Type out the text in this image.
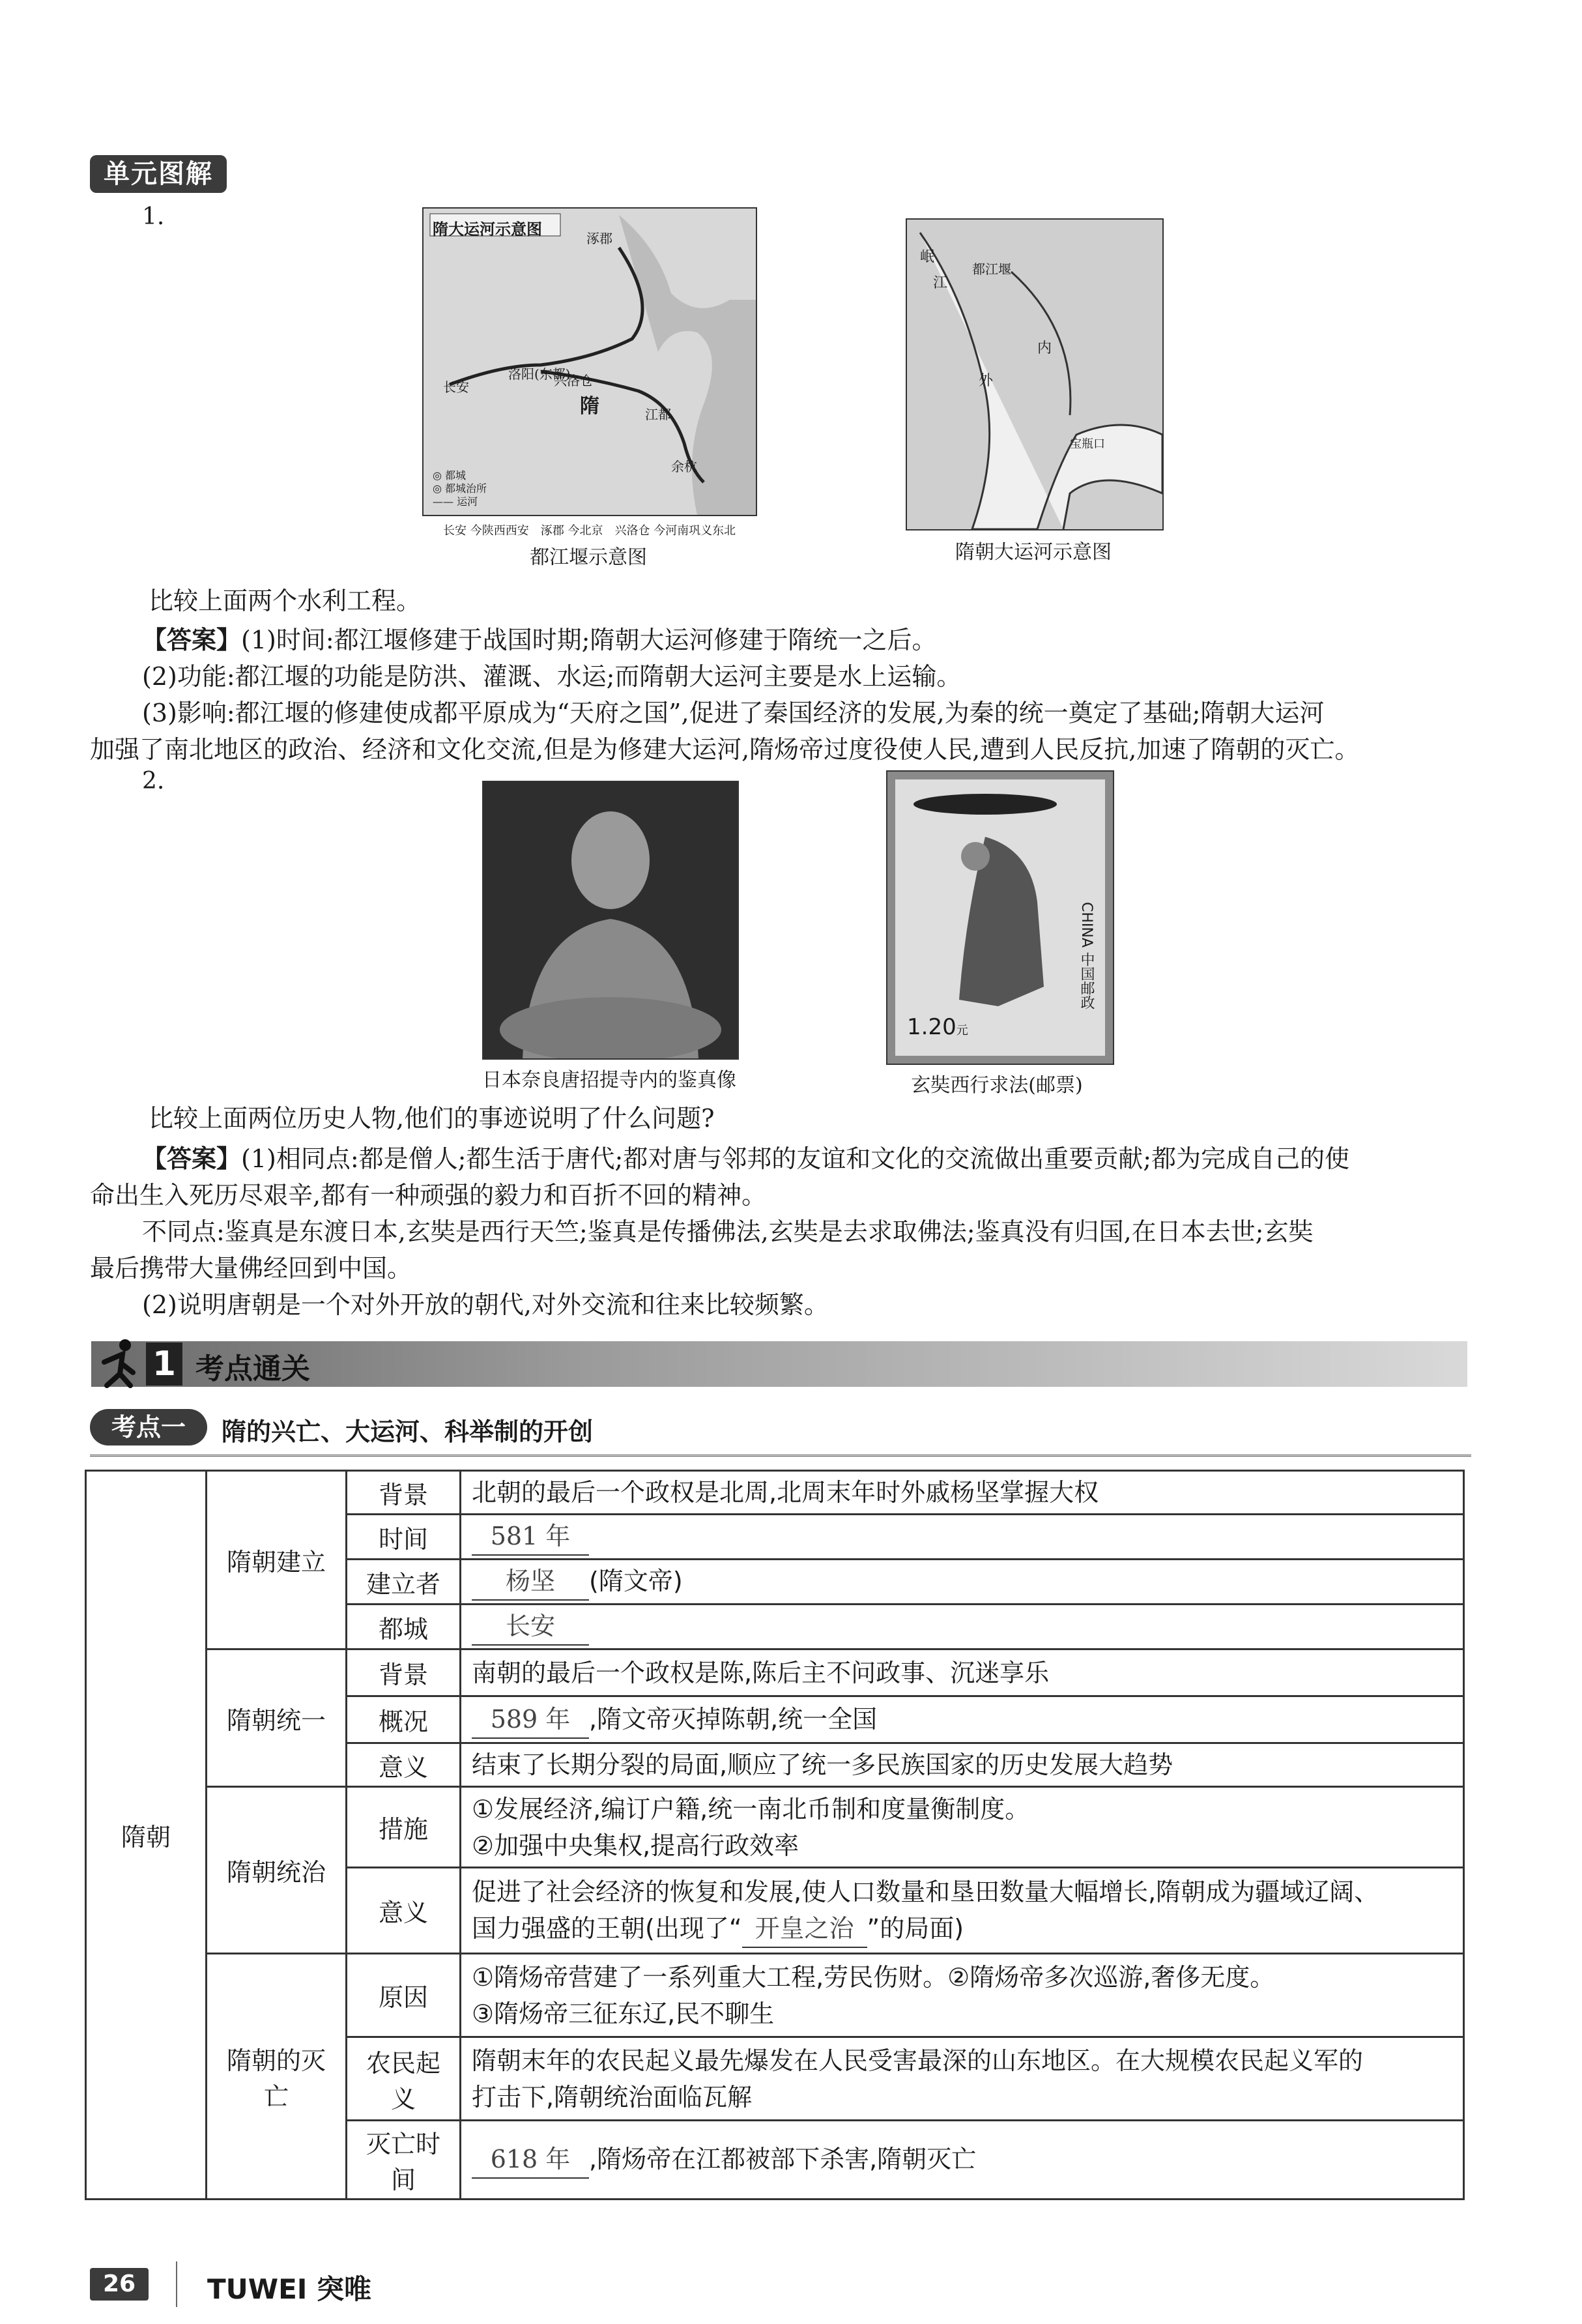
单元图解
1.	隋大运河示意图
长安
洛阳(东都)
涿郡
江都
余杭
兴洛仓
隋
◎ 都城
◎ 都城治所
—— 运河
长安 今陕西西安　涿郡 今北京　兴洛仓 今河南巩义东北
都江堰示意图
岷
江
都江堰
外
内
宝瓶口
隋朝大运河示意图
比较上面两个水利工程。
【答案】(1)时间:都江堰修建于战国时期;隋朝大运河修建于隋统一之后。
(2)功能:都江堰的功能是防洪、灌溉、水运;而隋朝大运河主要是水上运输。
(3)影响:都江堰的修建使成都平原成为“天府之国”,促进了秦国经济的发展,为秦的统一奠定了基础;隋朝大运河
加强了南北地区的政治、经济和文化交流,但是为修建大运河,隋炀帝过度役使人民,遭到人民反抗,加速了隋朝的灭亡。
2.
日本奈良唐招提寺内的鉴真像
1.20元
CHINA 中国邮政
玄奘西行求法(邮票)
比较上面两位历史人物,他们的事迹说明了什么问题?
【答案】(1)相同点:都是僧人;都生活于唐代;都对唐与邻邦的友谊和文化的交流做出重要贡献;都为完成自己的使
命出生入死历尽艰辛,都有一种顽强的毅力和百折不回的精神。
不同点:鉴真是东渡日本,玄奘是西行天竺;鉴真是传播佛法,玄奘是去求取佛法;鉴真没有归国,在日本去世;玄奘
最后携带大量佛经回到中国。
(2)说明唐朝是一个对外开放的朝代,对外交流和往来比较频繁。
1 考点通关
考点一	隋的兴亡、大运河、科举制的开创
隋朝	隋朝建立	背景	北朝的最后一个政权是北周,北周末年时外戚杨坚掌握大权
		时间	581 年
		建立者	杨坚 (隋文帝)
		都城	长安
	隋朝统一	背景	南朝的最后一个政权是陈,陈后主不问政事、沉迷享乐
		概况	589 年 ,隋文帝灭掉陈朝,统一全国
		意义	结束了长期分裂的局面,顺应了统一多民族国家的历史发展大趋势
	隋朝统治	措施	①发展经济,编订户籍,统一南北币制和度量衡制度。
②加强中央集权,提高行政效率

		意义	促进了社会经济的恢复和发展,使人口数量和垦田数量大幅增长,隋朝成为疆域辽阔、
国力强盛的王朝(出现了“ 开皇之治 ”的局面)

	隋朝的灭亡	原因	①隋炀帝营建了一系列重大工程,劳民伤财。②隋炀帝多次巡游,奢侈无度。
③隋炀帝三征东辽,民不聊生

		农民起义	隋朝末年的农民起义最先爆发在人民受害最深的山东地区。在大规模农民起义军的
打击下,隋朝统治面临瓦解

		灭亡时间	618 年 ,隋炀帝在江都被部下杀害,隋朝灭亡
26	TUWEI 突唯
